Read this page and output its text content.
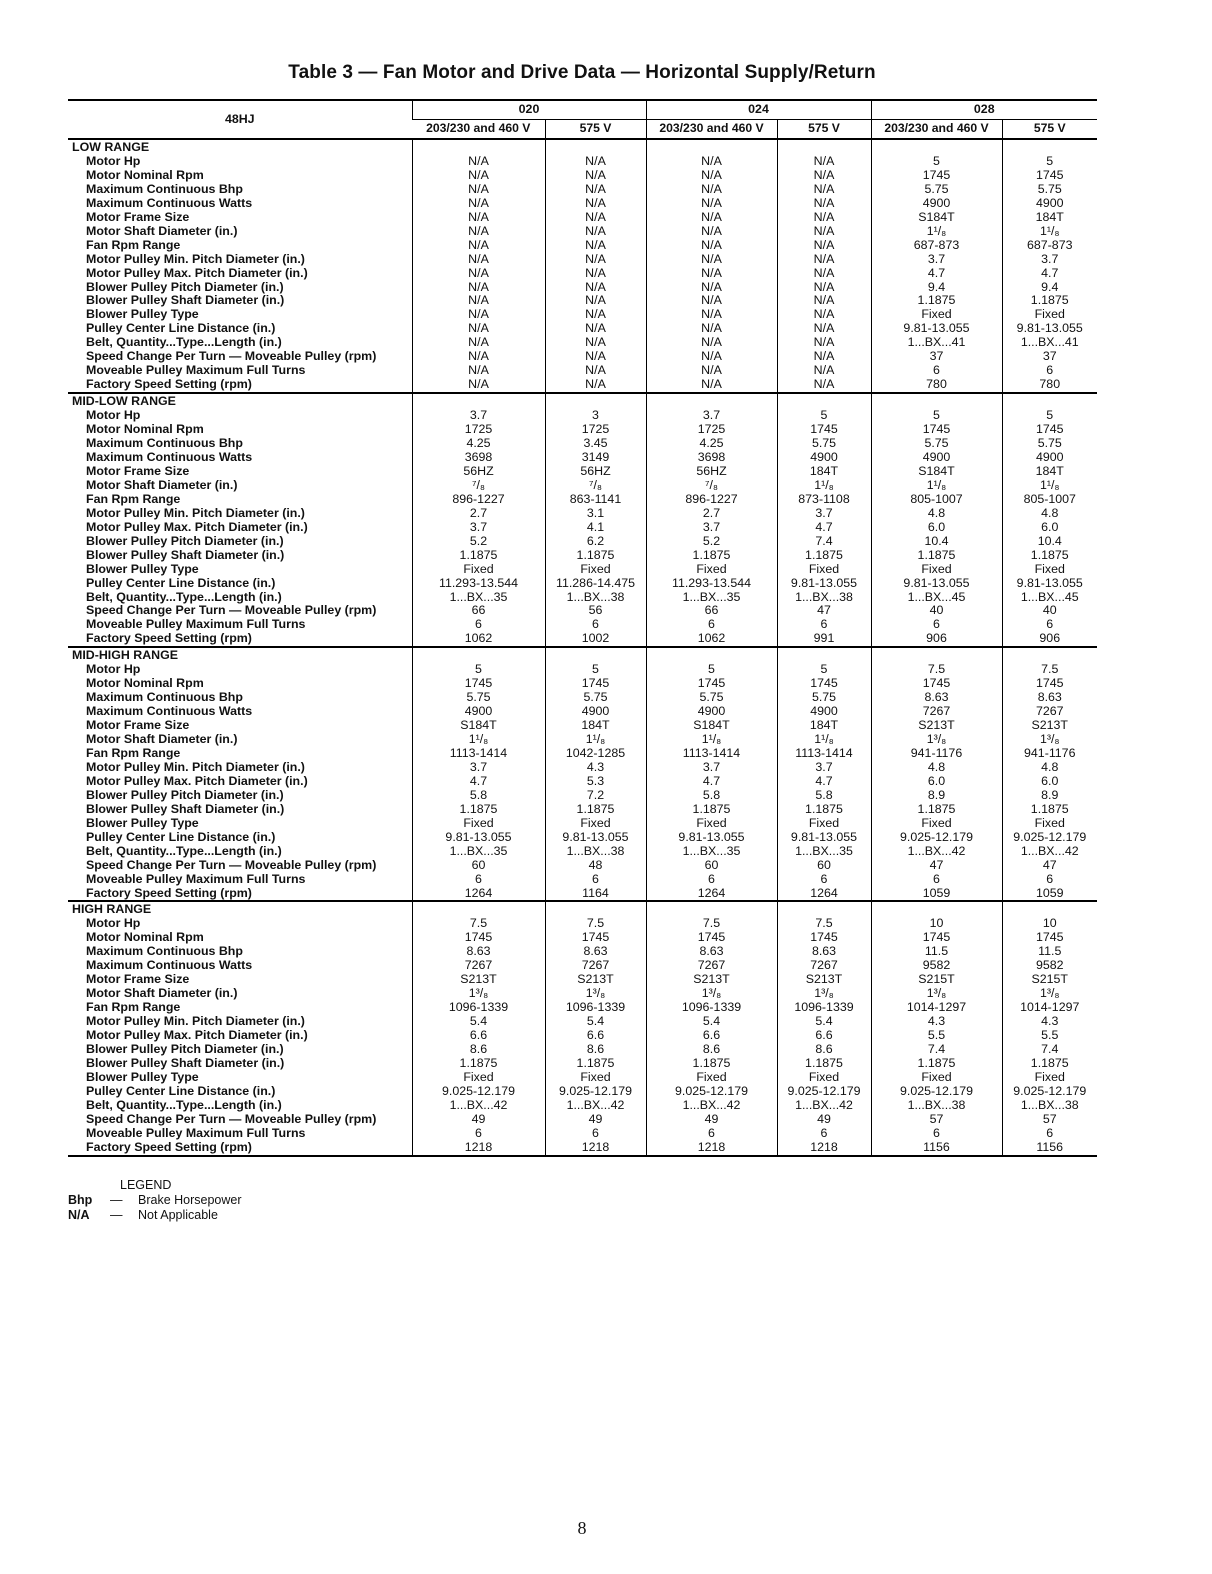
Table 3 — Fan Motor and Drive Data — Horizontal Supply/Return
48HJ	020		024		028	
	203/230 and 460 V	575 V	203/230 and 460 V	575 V	203/230 and 460 V	575 V
LOW RANGE						
Motor Hp	N/A	N/A	N/A	N/A	5	5
Motor Nominal Rpm	N/A	N/A	N/A	N/A	1745	1745
Maximum Continuous Bhp	N/A	N/A	N/A	N/A	5.75	5.75
Maximum Continuous Watts	N/A	N/A	N/A	N/A	4900	4900
Motor Frame Size	N/A	N/A	N/A	N/A	S184T	184T
Motor Shaft Diameter (in.)	N/A	N/A	N/A	N/A	1¹/₈	1¹/₈
Fan Rpm Range	N/A	N/A	N/A	N/A	687-873	687-873
Motor Pulley Min. Pitch Diameter (in.)	N/A	N/A	N/A	N/A	3.7	3.7
Motor Pulley Max. Pitch Diameter (in.)	N/A	N/A	N/A	N/A	4.7	4.7
Blower Pulley Pitch Diameter (in.)	N/A	N/A	N/A	N/A	9.4	9.4
Blower Pulley Shaft Diameter (in.)	N/A	N/A	N/A	N/A	1.1875	1.1875
Blower Pulley Type	N/A	N/A	N/A	N/A	Fixed	Fixed
Pulley Center Line Distance (in.)	N/A	N/A	N/A	N/A	9.81-13.055	9.81-13.055
Belt, Quantity...Type...Length (in.)	N/A	N/A	N/A	N/A	1...BX...41	1...BX...41
Speed Change Per Turn — Moveable Pulley (rpm)	N/A	N/A	N/A	N/A	37	37
Moveable Pulley Maximum Full Turns	N/A	N/A	N/A	N/A	6	6
Factory Speed Setting (rpm)	N/A	N/A	N/A	N/A	780	780
MID-LOW RANGE						
Motor Hp	3.7	3	3.7	5	5	5
Motor Nominal Rpm	1725	1725	1725	1745	1745	1745
Maximum Continuous Bhp	4.25	3.45	4.25	5.75	5.75	5.75
Maximum Continuous Watts	3698	3149	3698	4900	4900	4900
Motor Frame Size	56HZ	56HZ	56HZ	184T	S184T	184T
Motor Shaft Diameter (in.)	⁷/₈	⁷/₈	⁷/₈	1¹/₈	1¹/₈	1¹/₈
Fan Rpm Range	896-1227	863-1141	896-1227	873-1108	805-1007	805-1007
Motor Pulley Min. Pitch Diameter (in.)	2.7	3.1	2.7	3.7	4.8	4.8
Motor Pulley Max. Pitch Diameter (in.)	3.7	4.1	3.7	4.7	6.0	6.0
Blower Pulley Pitch Diameter (in.)	5.2	6.2	5.2	7.4	10.4	10.4
Blower Pulley Shaft Diameter (in.)	1.1875	1.1875	1.1875	1.1875	1.1875	1.1875
Blower Pulley Type	Fixed	Fixed	Fixed	Fixed	Fixed	Fixed
Pulley Center Line Distance (in.)	11.293-13.544	11.286-14.475	11.293-13.544	9.81-13.055	9.81-13.055	9.81-13.055
Belt, Quantity...Type...Length (in.)	1...BX...35	1...BX...38	1...BX...35	1...BX...38	1...BX...45	1...BX...45
Speed Change Per Turn — Moveable Pulley (rpm)	66	56	66	47	40	40
Moveable Pulley Maximum Full Turns	6	6	6	6	6	6
Factory Speed Setting (rpm)	1062	1002	1062	991	906	906
MID-HIGH RANGE						
Motor Hp	5	5	5	5	7.5	7.5
Motor Nominal Rpm	1745	1745	1745	1745	1745	1745
Maximum Continuous Bhp	5.75	5.75	5.75	5.75	8.63	8.63
Maximum Continuous Watts	4900	4900	4900	4900	7267	7267
Motor Frame Size	S184T	184T	S184T	184T	S213T	S213T
Motor Shaft Diameter (in.)	1¹/₈	1¹/₈	1¹/₈	1¹/₈	1³/₈	1³/₈
Fan Rpm Range	1113-1414	1042-1285	1113-1414	1113-1414	941-1176	941-1176
Motor Pulley Min. Pitch Diameter (in.)	3.7	4.3	3.7	3.7	4.8	4.8
Motor Pulley Max. Pitch Diameter (in.)	4.7	5.3	4.7	4.7	6.0	6.0
Blower Pulley Pitch Diameter (in.)	5.8	7.2	5.8	5.8	8.9	8.9
Blower Pulley Shaft Diameter (in.)	1.1875	1.1875	1.1875	1.1875	1.1875	1.1875
Blower Pulley Type	Fixed	Fixed	Fixed	Fixed	Fixed	Fixed
Pulley Center Line Distance (in.)	9.81-13.055	9.81-13.055	9.81-13.055	9.81-13.055	9.025-12.179	9.025-12.179
Belt, Quantity...Type...Length (in.)	1...BX...35	1...BX...38	1...BX...35	1...BX...35	1...BX...42	1...BX...42
Speed Change Per Turn — Moveable Pulley (rpm)	60	48	60	60	47	47
Moveable Pulley Maximum Full Turns	6	6	6	6	6	6
Factory Speed Setting (rpm)	1264	1164	1264	1264	1059	1059
HIGH RANGE						
Motor Hp	7.5	7.5	7.5	7.5	10	10
Motor Nominal Rpm	1745	1745	1745	1745	1745	1745
Maximum Continuous Bhp	8.63	8.63	8.63	8.63	11.5	11.5
Maximum Continuous Watts	7267	7267	7267	7267	9582	9582
Motor Frame Size	S213T	S213T	S213T	S213T	S215T	S215T
Motor Shaft Diameter (in.)	1³/₈	1³/₈	1³/₈	1³/₈	1³/₈	1³/₈
Fan Rpm Range	1096-1339	1096-1339	1096-1339	1096-1339	1014-1297	1014-1297
Motor Pulley Min. Pitch Diameter (in.)	5.4	5.4	5.4	5.4	4.3	4.3
Motor Pulley Max. Pitch Diameter (in.)	6.6	6.6	6.6	6.6	5.5	5.5
Blower Pulley Pitch Diameter (in.)	8.6	8.6	8.6	8.6	7.4	7.4
Blower Pulley Shaft Diameter (in.)	1.1875	1.1875	1.1875	1.1875	1.1875	1.1875
Blower Pulley Type	Fixed	Fixed	Fixed	Fixed	Fixed	Fixed
Pulley Center Line Distance (in.)	9.025-12.179	9.025-12.179	9.025-12.179	9.025-12.179	9.025-12.179	9.025-12.179
Belt, Quantity...Type...Length (in.)	1...BX...42	1...BX...42	1...BX...42	1...BX...42	1...BX...38	1...BX...38
Speed Change Per Turn — Moveable Pulley (rpm)	49	49	49	49	57	57
Moveable Pulley Maximum Full Turns	6	6	6	6	6	6
Factory Speed Setting (rpm)	1218	1218	1218	1218	1156	1156
LEGEND
Bhp	—	Brake Horsepower
N/A	—	Not Applicable
8
